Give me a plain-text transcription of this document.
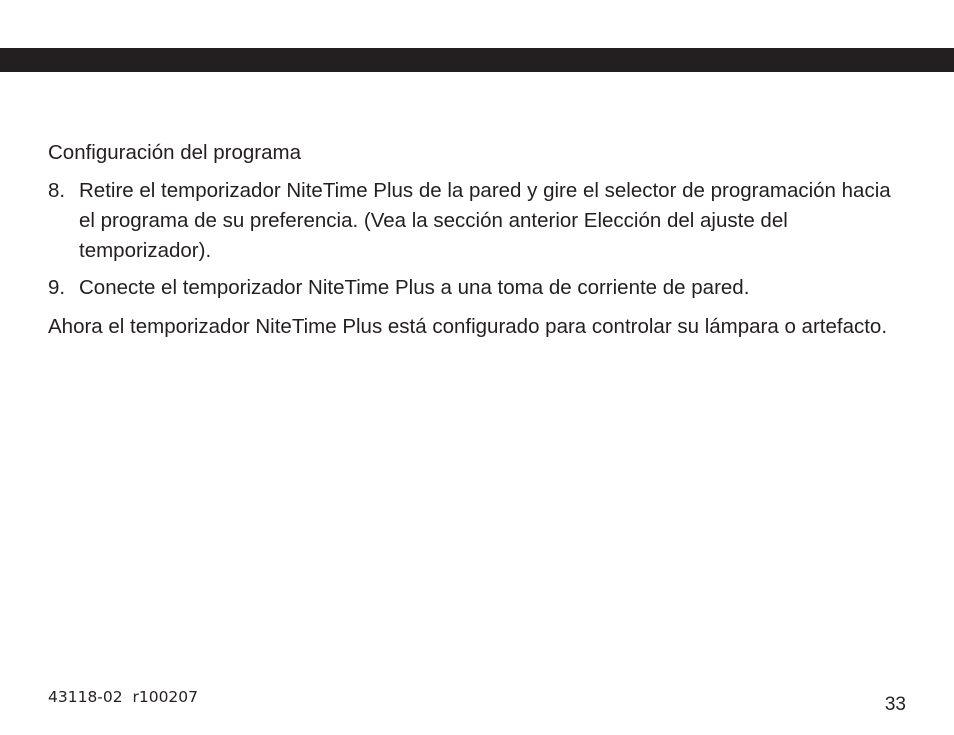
Configuración del programa
8. Retire el temporizador NiteTime Plus de la pared y gire el selector de programación hacia el programa de su preferencia. (Vea la sección anterior Elección del ajuste del temporizador).
9. Conecte el temporizador NiteTime Plus a una toma de corriente de pared.

Ahora el temporizador NiteTime Plus está configurado para controlar su lámpara o artefacto.

43118-02  r100207	33
